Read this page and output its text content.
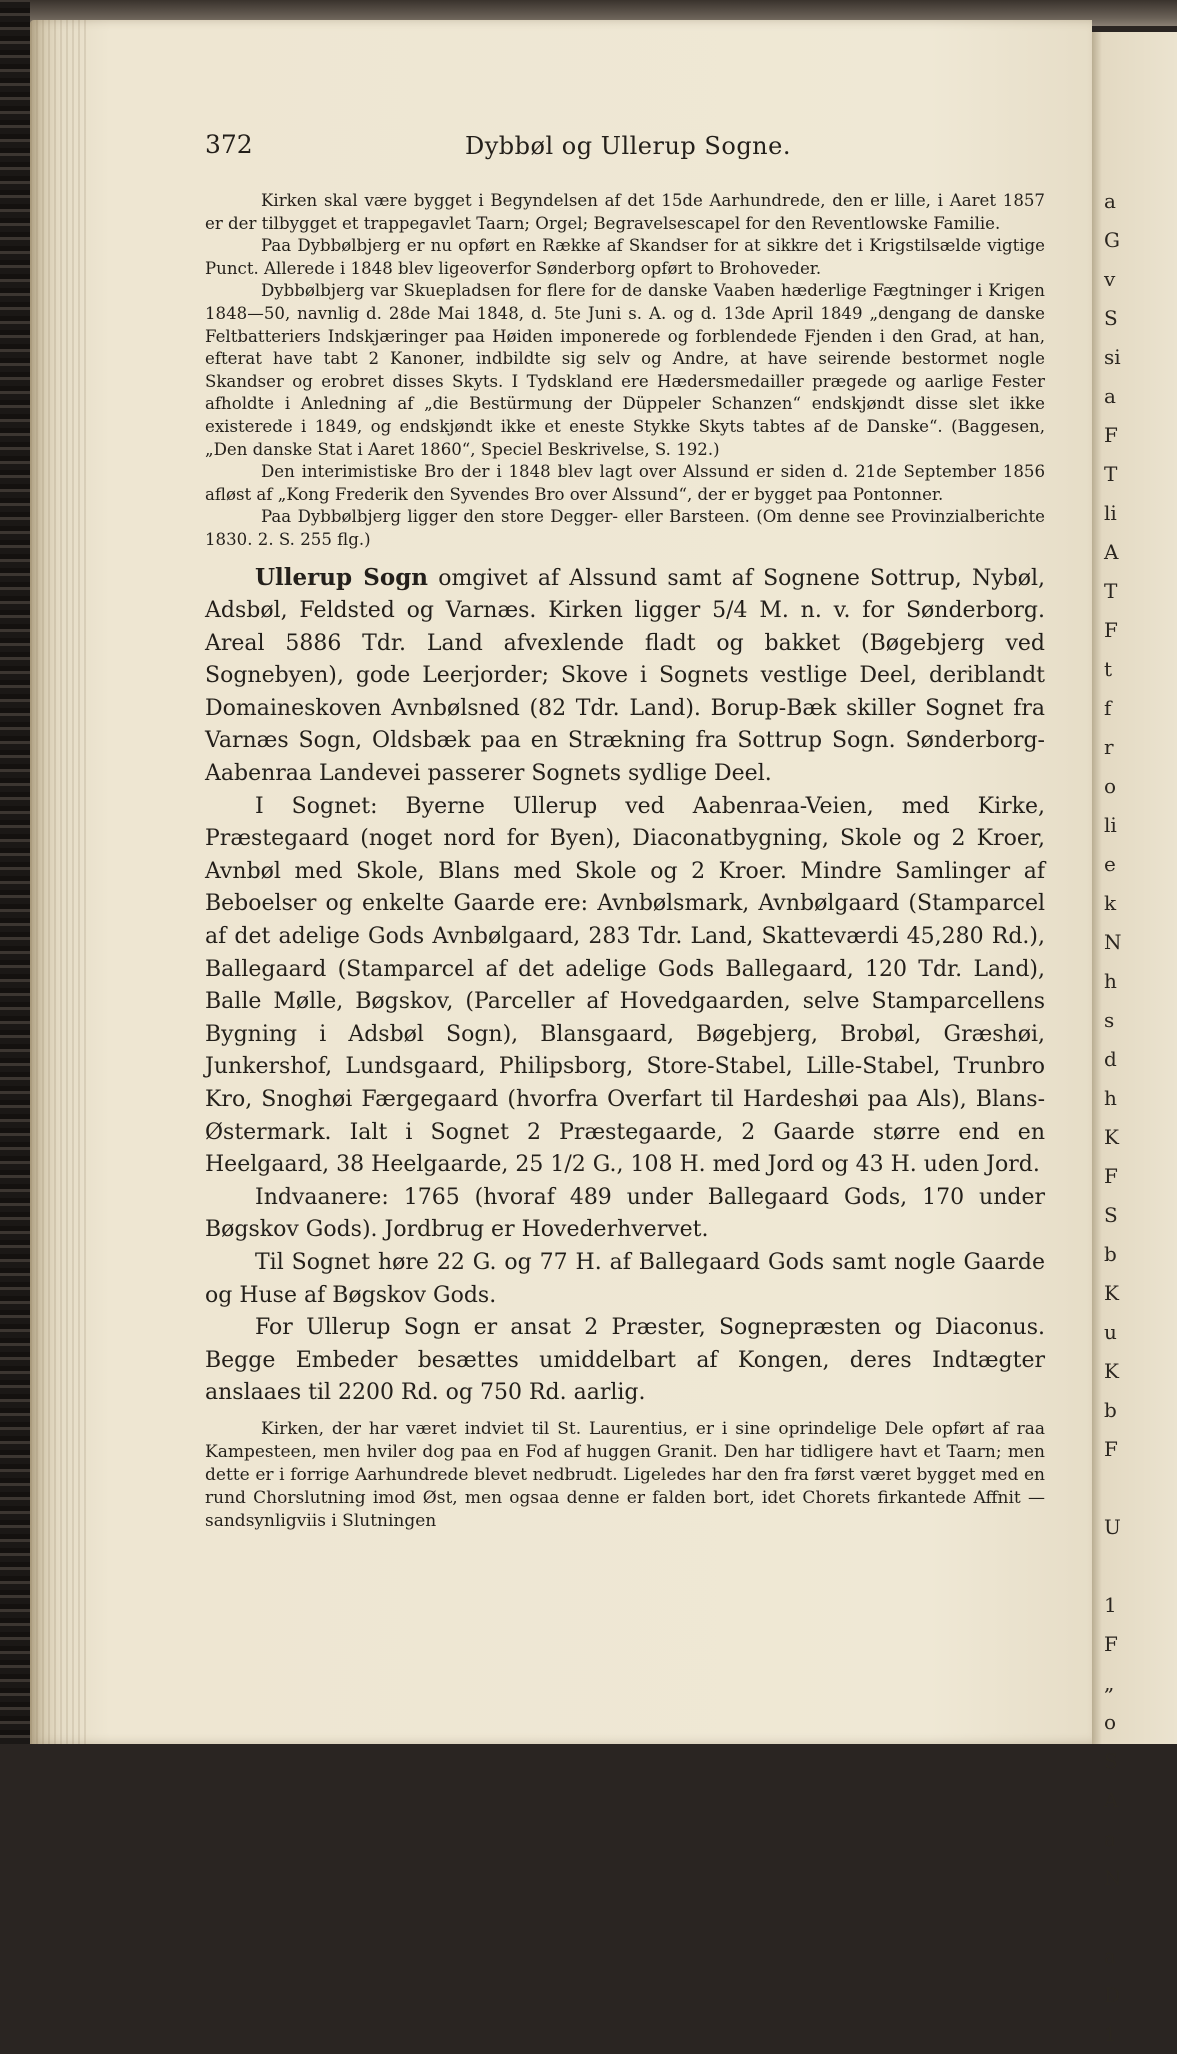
a
G
v
S
si
a
F
T
li
A
T
F
t
f
r
o
li
e
k
N
h
s
d
h
K
F
S
b
K
u
K
b
F

U

1
F
„
o
S
A
a
N

a
D
1
372	Dybbøl og Ullerup Sogne.

Kirken skal være bygget i Begyndelsen af det 15de Aarhundrede, den er lille, i Aaret 1857 er der tilbygget et trappegavlet Taarn; Orgel; Begravelsescapel for den Reventlowske Familie.

Paa Dybbølbjerg er nu opført en Række af Skandser for at sikkre det i Krigstilsælde vigtige Punct. Allerede i 1848 blev ligeoverfor Sønderborg opført to Brohoveder.

Dybbølbjerg var Skuepladsen for flere for de danske Vaaben hæderlige Fægtninger i Krigen 1848—50, navnlig d. 28de Mai 1848, d. 5te Juni s. A. og d. 13de April 1849 „dengang de danske Feltbatteriers Indskjæringer paa Høiden imponerede og forblendede Fjenden i den Grad, at han, efterat have tabt 2 Kanoner, indbildte sig selv og Andre, at have seirende bestormet nogle Skandser og erobret disses Skyts. I Tydskland ere Hædersmedailler prægede og aarlige Fester afholdte i Anledning af „die Bestürmung der Düppeler Schanzen“ endskjøndt disse slet ikke existerede i 1849, og endskjøndt ikke et eneste Stykke Skyts tabtes af de Danske“. (Baggesen, „Den danske Stat i Aaret 1860“, Speciel Beskrivelse, S. 192.)

Den interimistiske Bro der i 1848 blev lagt over Alssund er siden d. 21de September 1856 afløst af „Kong Frederik den Syvendes Bro over Alssund“, der er bygget paa Pontonner.

Paa Dybbølbjerg ligger den store Degger- eller Barsteen. (Om denne see Provinzialberichte 1830. 2. S. 255 flg.)

Ullerup Sogn omgivet af Alssund samt af Sognene Sottrup, Nybøl, Adsbøl, Feldsted og Varnæs. Kirken ligger 5/4 M. n. v. for Sønderborg. Areal 5886 Tdr. Land afvexlende fladt og bakket (Bøgebjerg ved Sognebyen), gode Leerjorder; Skove i Sognets vestlige Deel, deriblandt Domaineskoven Avnbølsned (82 Tdr. Land). Borup-Bæk skiller Sognet fra Varnæs Sogn, Oldsbæk paa en Strækning fra Sottrup Sogn. Sønderborg-Aabenraa Landevei passerer Sognets sydlige Deel.

I Sognet: Byerne Ullerup ved Aabenraa-Veien, med Kirke, Præstegaard (noget nord for Byen), Diaconatbygning, Skole og 2 Kroer, Avnbøl med Skole, Blans med Skole og 2 Kroer. Mindre Samlinger af Beboelser og enkelte Gaarde ere: Avnbølsmark, Avnbølgaard (Stamparcel af det adelige Gods Avnbølgaard, 283 Tdr. Land, Skatteværdi 45,280 Rd.), Ballegaard (Stamparcel af det adelige Gods Ballegaard, 120 Tdr. Land), Balle Mølle, Bøgskov, (Parceller af Hovedgaarden, selve Stamparcellens Bygning i Adsbøl Sogn), Blansgaard, Bøgebjerg, Brobøl, Græshøi, Junkershof, Lundsgaard, Philipsborg, Store-Stabel, Lille-Stabel, Trunbro Kro, Snoghøi Færgegaard (hvorfra Overfart til Hardeshøi paa Als), Blans-Østermark. Ialt i Sognet 2 Præstegaarde, 2 Gaarde større end en Heelgaard, 38 Heelgaarde, 25 1/2 G., 108 H. med Jord og 43 H. uden Jord.

Indvaanere: 1765 (hvoraf 489 under Ballegaard Gods, 170 under Bøgskov Gods). Jordbrug er Hovederhvervet.

Til Sognet høre 22 G. og 77 H. af Ballegaard Gods samt nogle Gaarde og Huse af Bøgskov Gods.

For Ullerup Sogn er ansat 2 Præster, Sognepræsten og Diaconus. Begge Embeder besættes umiddelbart af Kongen, deres Indtægter anslaaes til 2200 Rd. og 750 Rd. aarlig.

Kirken, der har været indviet til St. Laurentius, er i sine oprindelige Dele opført af raa Kampesteen, men hviler dog paa en Fod af huggen Granit. Den har tidligere havt et Taarn; men dette er i forrige Aarhundrede blevet nedbrudt. Ligeledes har den fra først været bygget med en rund Chorslutning imod Øst, men ogsaa denne er falden bort, idet Chorets firkantede Affnit — sandsynligviis i Slutningen
